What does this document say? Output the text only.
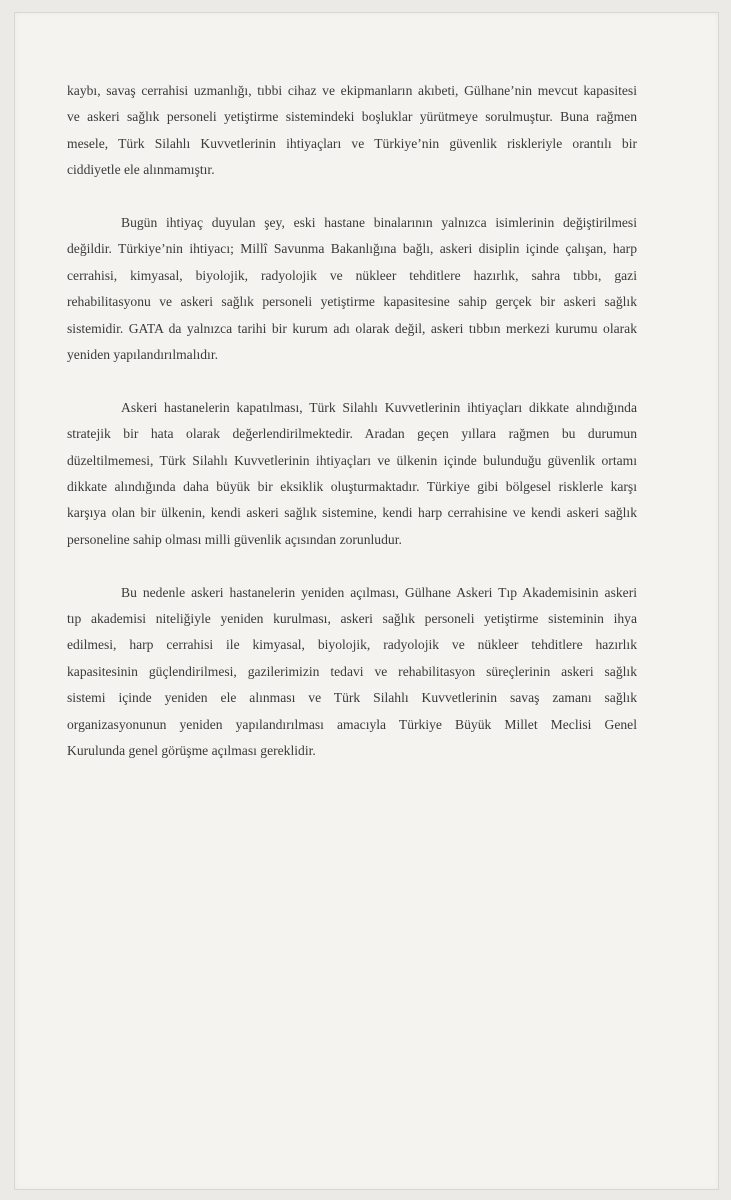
kaybı, savaş cerrahisi uzmanlığı, tıbbi cihaz ve ekipmanların akıbeti, Gülhane’nin mevcut kapasitesi
ve askeri sağlık personeli yetiştirme sistemindeki boşluklar yürütmeye sorulmuştur. Buna rağmen
mesele, Türk Silahlı Kuvvetlerinin ihtiyaçları ve Türkiye’nin güvenlik riskleriyle orantılı bir
ciddiyetle ele alınmamıştır.

Bugün ihtiyaç duyulan şey, eski hastane binalarının yalnızca isimlerinin değiştirilmesi
değildir. Türkiye’nin ihtiyacı; Millî Savunma Bakanlığına bağlı, askeri disiplin içinde çalışan, harp
cerrahisi, kimyasal, biyolojik, radyolojik ve nükleer tehditlere hazırlık, sahra tıbbı, gazi
rehabilitasyonu ve askeri sağlık personeli yetiştirme kapasitesine sahip gerçek bir askeri sağlık
sistemidir. GATA da yalnızca tarihi bir kurum adı olarak değil, askeri tıbbın merkezi kurumu olarak
yeniden yapılandırılmalıdır.

Askeri hastanelerin kapatılması, Türk Silahlı Kuvvetlerinin ihtiyaçları dikkate alındığında
stratejik bir hata olarak değerlendirilmektedir. Aradan geçen yıllara rağmen bu durumun
düzeltilmemesi, Türk Silahlı Kuvvetlerinin ihtiyaçları ve ülkenin içinde bulunduğu güvenlik ortamı
dikkate alındığında daha büyük bir eksiklik oluşturmaktadır. Türkiye gibi bölgesel risklerle karşı
karşıya olan bir ülkenin, kendi askeri sağlık sistemine, kendi harp cerrahisine ve kendi askeri sağlık
personeline sahip olması milli güvenlik açısından zorunludur.

Bu nedenle askeri hastanelerin yeniden açılması, Gülhane Askeri Tıp Akademisinin askeri
tıp akademisi niteliğiyle yeniden kurulması, askeri sağlık personeli yetiştirme sisteminin ihya
edilmesi, harp cerrahisi ile kimyasal, biyolojik, radyolojik ve nükleer tehditlere hazırlık
kapasitesinin güçlendirilmesi, gazilerimizin tedavi ve rehabilitasyon süreçlerinin askeri sağlık
sistemi içinde yeniden ele alınması ve Türk Silahlı Kuvvetlerinin savaş zamanı sağlık
organizasyonunun yeniden yapılandırılması amacıyla Türkiye Büyük Millet Meclisi Genel
Kurulunda genel görüşme açılması gereklidir.
